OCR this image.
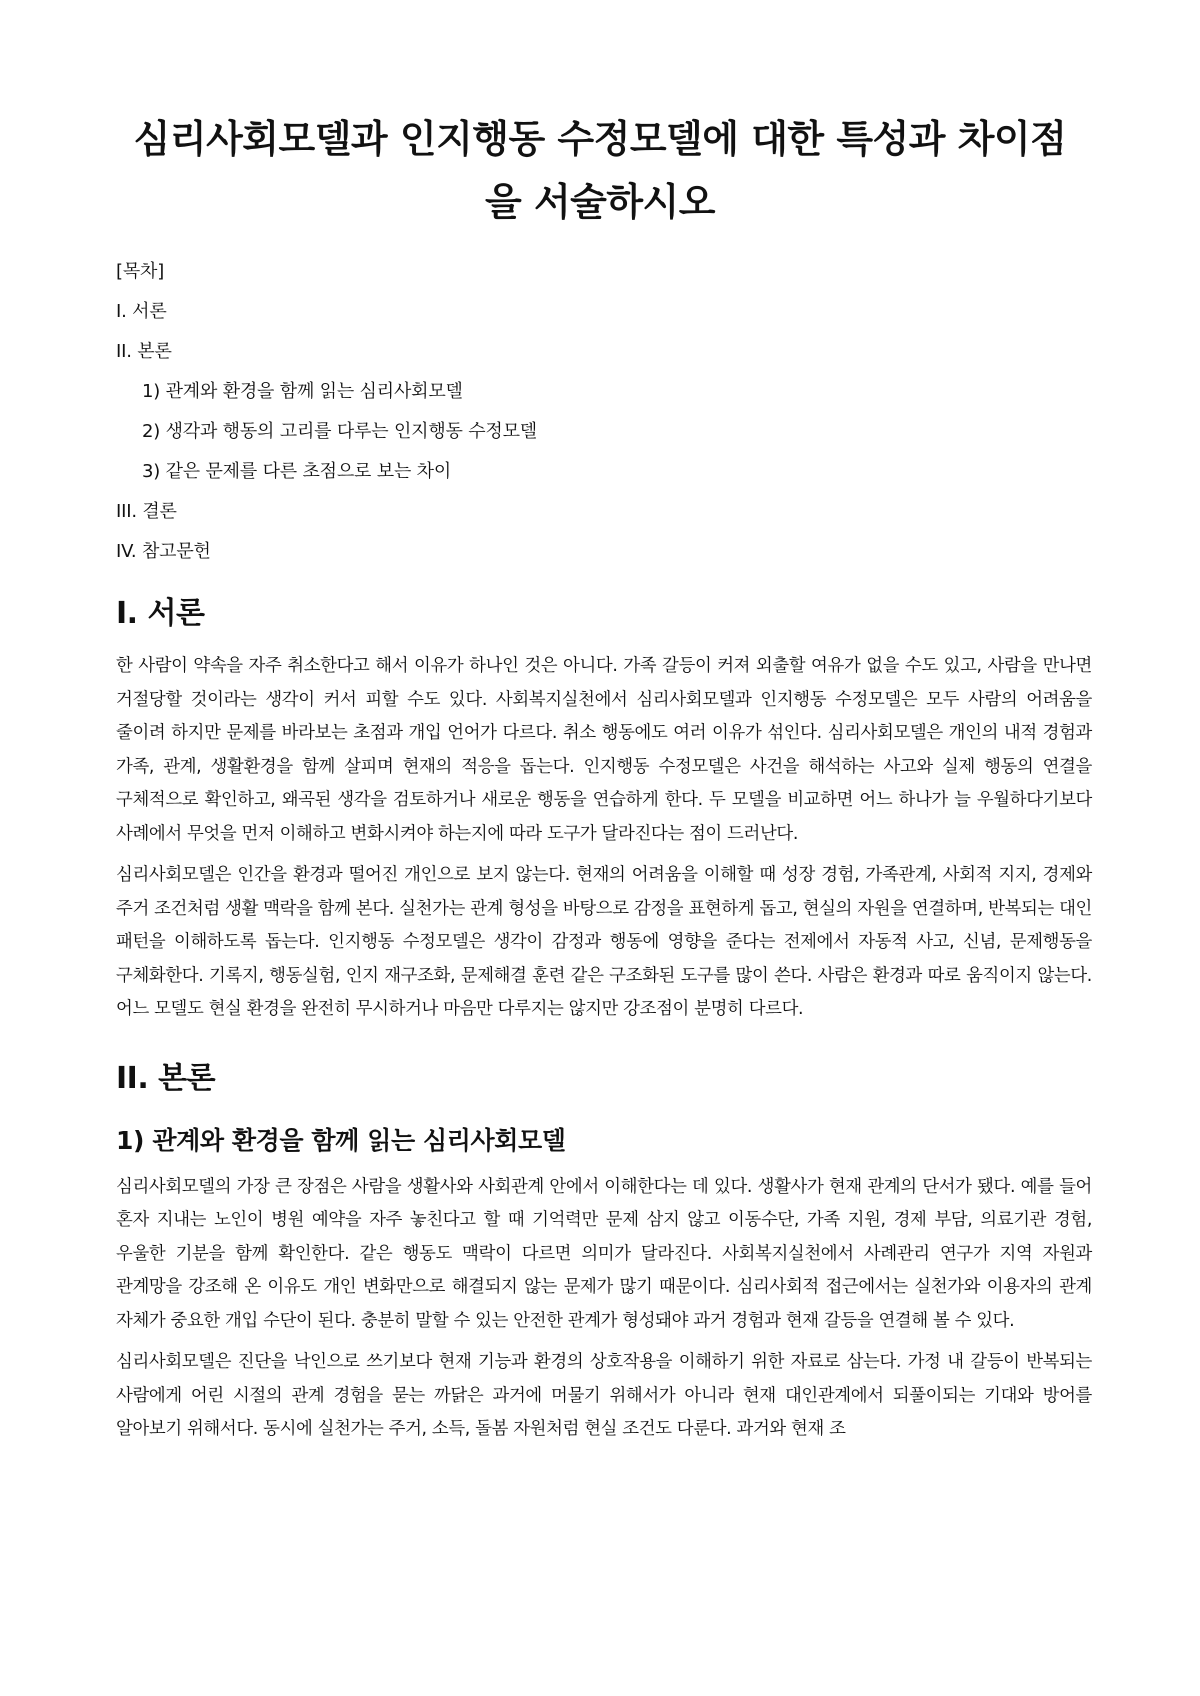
심리사회모델과 인지행동 수정모델에 대한 특성과 차이점을 서술하시오
[목차]
I. 서론
II. 본론
1) 관계와 환경을 함께 읽는 심리사회모델
2) 생각과 행동의 고리를 다루는 인지행동 수정모델
3) 같은 문제를 다른 초점으로 보는 차이
III. 결론
IV. 참고문헌
I. 서론

한 사람이 약속을 자주 취소한다고 해서 이유가 하나인 것은 아니다. 가족 갈등이 커져 외출할 여유가 없을 수도 있고, 사람을 만나면 거절당할 것이라는 생각이 커서 피할 수도 있다. 사회복지실천에서 심리사회모델과 인지행동 수정모델은 모두 사람의 어려움을 줄이려 하지만 문제를 바라보는 초점과 개입 언어가 다르다. 취소 행동에도 여러 이유가 섞인다. 심리사회모델은 개인의 내적 경험과 가족, 관계, 생활환경을 함께 살피며 현재의 적응을 돕는다. 인지행동 수정모델은 사건을 해석하는 사고와 실제 행동의 연결을 구체적으로 확인하고, 왜곡된 생각을 검토하거나 새로운 행동을 연습하게 한다. 두 모델을 비교하면 어느 하나가 늘 우월하다기보다 사례에서 무엇을 먼저 이해하고 변화시켜야 하는지에 따라 도구가 달라진다는 점이 드러난다.

심리사회모델은 인간을 환경과 떨어진 개인으로 보지 않는다. 현재의 어려움을 이해할 때 성장 경험, 가족관계, 사회적 지지, 경제와 주거 조건처럼 생활 맥락을 함께 본다. 실천가는 관계 형성을 바탕으로 감정을 표현하게 돕고, 현실의 자원을 연결하며, 반복되는 대인 패턴을 이해하도록 돕는다. 인지행동 수정모델은 생각이 감정과 행동에 영향을 준다는 전제에서 자동적 사고, 신념, 문제행동을 구체화한다. 기록지, 행동실험, 인지 재구조화, 문제해결 훈련 같은 구조화된 도구를 많이 쓴다. 사람은 환경과 따로 움직이지 않는다. 어느 모델도 현실 환경을 완전히 무시하거나 마음만 다루지는 않지만 강조점이 분명히 다르다.

II. 본론
1) 관계와 환경을 함께 읽는 심리사회모델

심리사회모델의 가장 큰 장점은 사람을 생활사와 사회관계 안에서 이해한다는 데 있다. 생활사가 현재 관계의 단서가 됐다. 예를 들어 혼자 지내는 노인이 병원 예약을 자주 놓친다고 할 때 기억력만 문제 삼지 않고 이동수단, 가족 지원, 경제 부담, 의료기관 경험, 우울한 기분을 함께 확인한다. 같은 행동도 맥락이 다르면 의미가 달라진다. 사회복지실천에서 사례관리 연구가 지역 자원과 관계망을 강조해 온 이유도 개인 변화만으로 해결되지 않는 문제가 많기 때문이다. 심리사회적 접근에서는 실천가와 이용자의 관계 자체가 중요한 개입 수단이 된다. 충분히 말할 수 있는 안전한 관계가 형성돼야 과거 경험과 현재 갈등을 연결해 볼 수 있다.

심리사회모델은 진단을 낙인으로 쓰기보다 현재 기능과 환경의 상호작용을 이해하기 위한 자료로 삼는다. 가정 내 갈등이 반복되는 사람에게 어린 시절의 관계 경험을 묻는 까닭은 과거에 머물기 위해서가 아니라 현재 대인관계에서 되풀이되는 기대와 방어를 알아보기 위해서다. 동시에 실천가는 주거, 소득, 돌봄 자원처럼 현실 조건도 다룬다. 과거와 현재 조
